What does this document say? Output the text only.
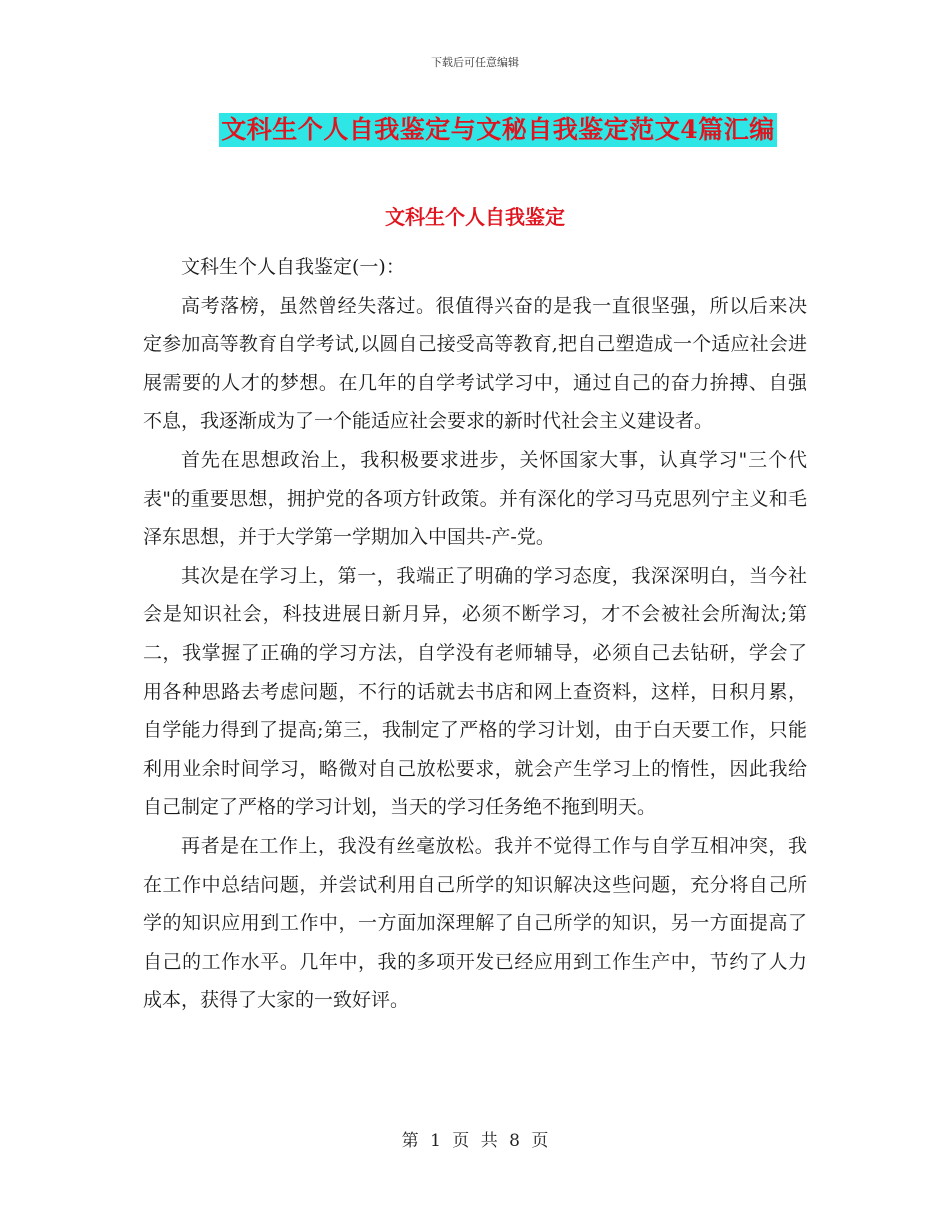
下载后可任意编辑
文科生个人自我鉴定与文秘自我鉴定范文4篇汇编
文科生个人自我鉴定

文科生个人自我鉴定(一)：

高考落榜，虽然曾经失落过。很值得兴奋的是我一直很坚强，所以后来决定参加高等教育自学考试,以圆自己接受高等教育,把自己塑造成一个适应社会进展需要的人才的梦想。在几年的自学考试学习中，通过自己的奋力拚搏、自强不息，我逐渐成为了一个能适应社会要求的新时代社会主义建设者。

首先在思想政治上，我积极要求进步，关怀国家大事，认真学习"三个代表"的重要思想，拥护党的各项方针政策。并有深化的学习马克思列宁主义和毛泽东思想，并于大学第一学期加入中国共-产-党。

其次是在学习上，第一，我端正了明确的学习态度，我深深明白，当今社会是知识社会，科技进展日新月异，必须不断学习，才不会被社会所淘汰;第二，我掌握了正确的学习方法，自学没有老师辅导，必须自己去钻研，学会了用各种思路去考虑问题，不行的话就去书店和网上查资料，这样，日积月累，自学能力得到了提高;第三，我制定了严格的学习计划，由于白天要工作，只能利用业余时间学习，略微对自己放松要求，就会产生学习上的惰性，因此我给自己制定了严格的学习计划，当天的学习任务绝不拖到明天。

再者是在工作上，我没有丝毫放松。我并不觉得工作与自学互相冲突，我在工作中总结问题，并尝试利用自己所学的知识解决这些问题，充分将自己所学的知识应用到工作中，一方面加深理解了自己所学的知识，另一方面提高了自己的工作水平。几年中，我的多项开发已经应用到工作生产中，节约了人力成本，获得了大家的一致好评。

第 1 页 共 8 页
